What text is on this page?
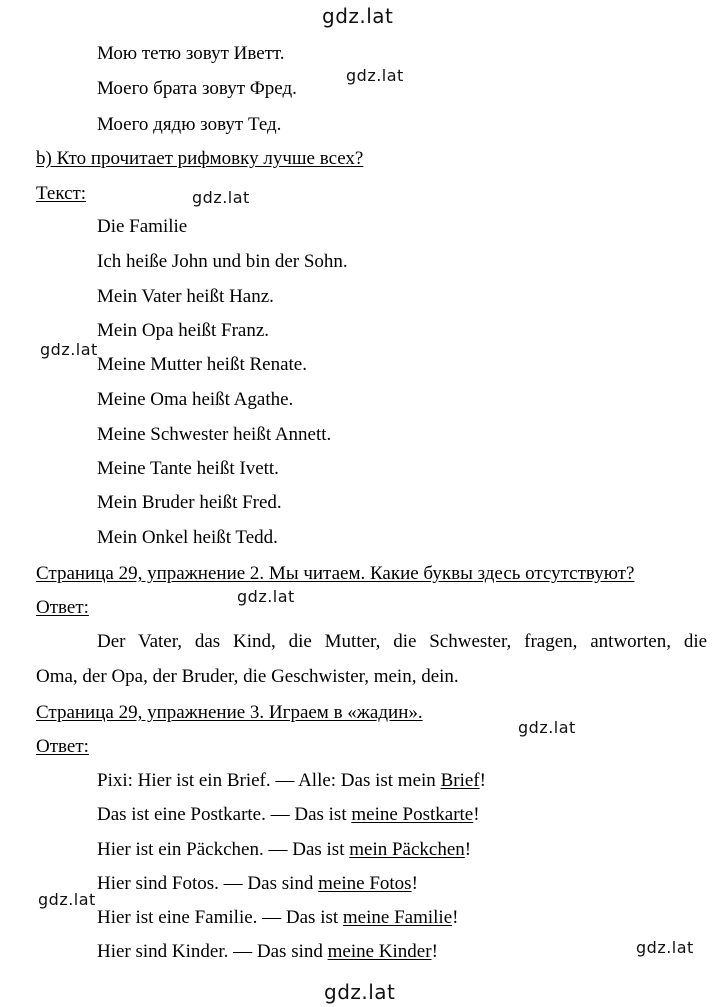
gdz.lat
gdz.lat
gdz.lat
gdz.lat
gdz.lat
gdz.lat
gdz.lat
gdz.lat
gdz.lat
Мою тетю зовут Иветт.
Моего брата зовут Фред.
Моего дядю зовут Тед.
b) Кто прочитает рифмовку лучше всех?
Текст:
Die Familie
Ich heiße John und bin der Sohn.
Mein Vater heißt Hanz.
Mein Opa heißt Franz.
Meine Mutter heißt Renate.
Meine Oma heißt Agathe.
Meine Schwester heißt Annett.
Meine Tante heißt Ivett.
Mein Bruder heißt Fred.
Mein Onkel heißt Tedd.
Страница 29, упражнение 2. Мы читаем. Какие буквы здесь отсутствуют?
Ответ:
Der Vater, das Kind, die Mutter, die Schwester, fragen, antworten, die
Oma, der Opa, der Bruder, die Geschwister, mein, dein.
Страница 29, упражнение 3. Играем в «жадин».
Ответ:
Pixi: Hier ist ein Brief. — Alle: Das ist mein Brief!
Das ist eine Postkarte. — Das ist meine Postkarte!
Hier ist ein Päckchen. — Das ist mein Päckchen!
Hier sind Fotos. — Das sind meine Fotos!
Hier ist eine Familie. — Das ist meine Familie!
Hier sind Kinder. — Das sind meine Kinder!
